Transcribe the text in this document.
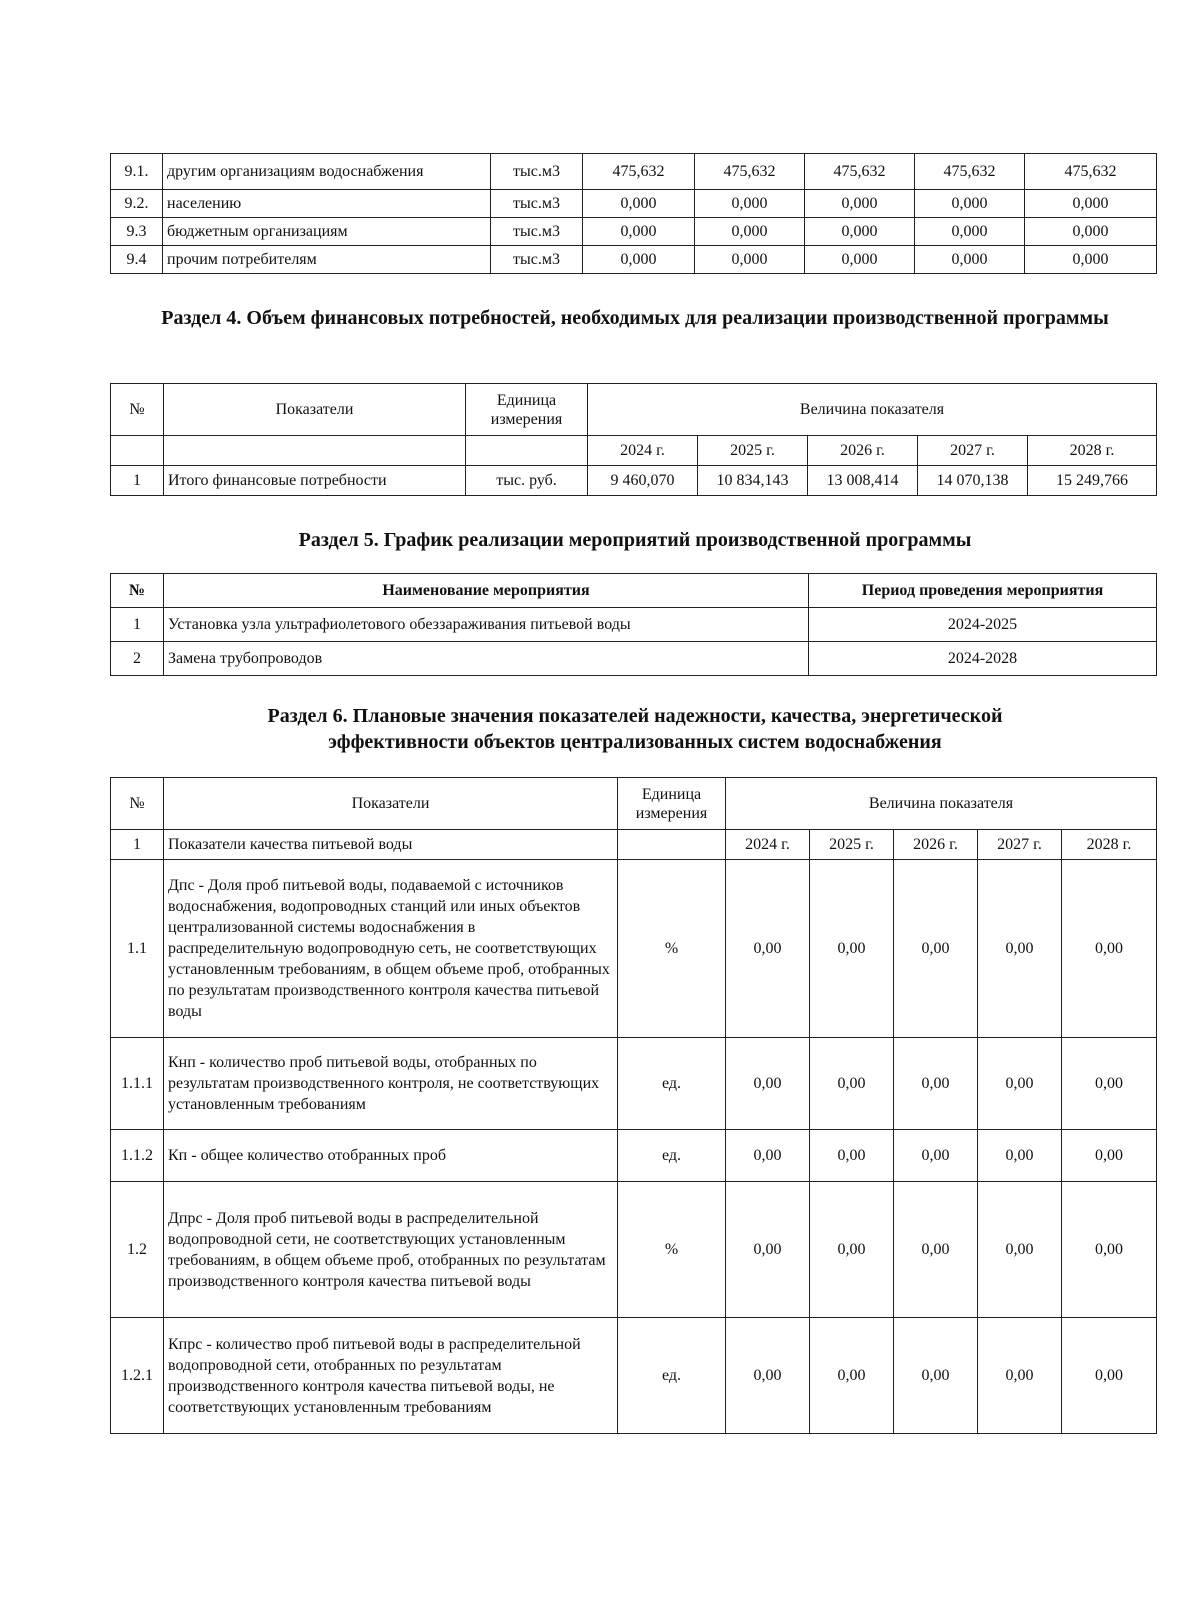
9.1.	другим организациям водоснабжения	тыс.м3	475,632	475,632	475,632	475,632	475,632
9.2.	населению	тыс.м3	0,000	0,000	0,000	0,000	0,000
9.3	бюджетным организациям	тыс.м3	0,000	0,000	0,000	0,000	0,000
9.4	прочим потребителям	тыс.м3	0,000	0,000	0,000	0,000	0,000
Раздел 4. Объем финансовых потребностей, необходимых для реализации производственной программы
№	Показатели	Единица измерения	Величина показателя				
			2024 г.	2025 г.	2026 г.	2027 г.	2028 г.
1	Итого финансовые потребности	тыс. руб.	9 460,070	10 834,143	13 008,414	14 070,138	15 249,766
Раздел 5. График реализации мероприятий производственной программы
№	Наименование мероприятия	Период проведения мероприятия
1	Установка узла ультрафиолетового обеззараживания питьевой воды	2024-2025
2	Замена трубопроводов	2024-2028
Раздел 6. Плановые значения показателей надежности, качества, энергетической
эффективности объектов централизованных систем водоснабжения
№	Показатели	Единица измерения	Величина показателя				
1	Показатели качества питьевой воды		2024 г.	2025 г.	2026 г.	2027 г.	2028 г.
1.1	Дпс - Доля проб питьевой воды, подаваемой с источников водоснабжения, водопроводных станций или иных объектов централизованной системы водоснабжения в распределительную водопроводную сеть, не соответствующих установленным требованиям, в общем объеме проб, отобранных по результатам производственного контроля качества питьевой воды	%	0,00	0,00	0,00	0,00	0,00
1.1.1	Кнп - количество проб питьевой воды, отобранных по результатам производственного контроля, не соответствующих установленным требованиям	ед.	0,00	0,00	0,00	0,00	0,00
1.1.2	Кп - общее количество отобранных проб	ед.	0,00	0,00	0,00	0,00	0,00
1.2	Дпрс - Доля проб питьевой воды в распределительной водопроводной сети, не соответствующих установленным требованиям, в общем объеме проб, отобранных по результатам производственного контроля качества питьевой воды	%	0,00	0,00	0,00	0,00	0,00
1.2.1	Кпрс - количество проб питьевой воды в распределительной водопроводной сети, отобранных по результатам производственного контроля качества питьевой воды, не соответствующих установленным требованиям	ед.	0,00	0,00	0,00	0,00	0,00
